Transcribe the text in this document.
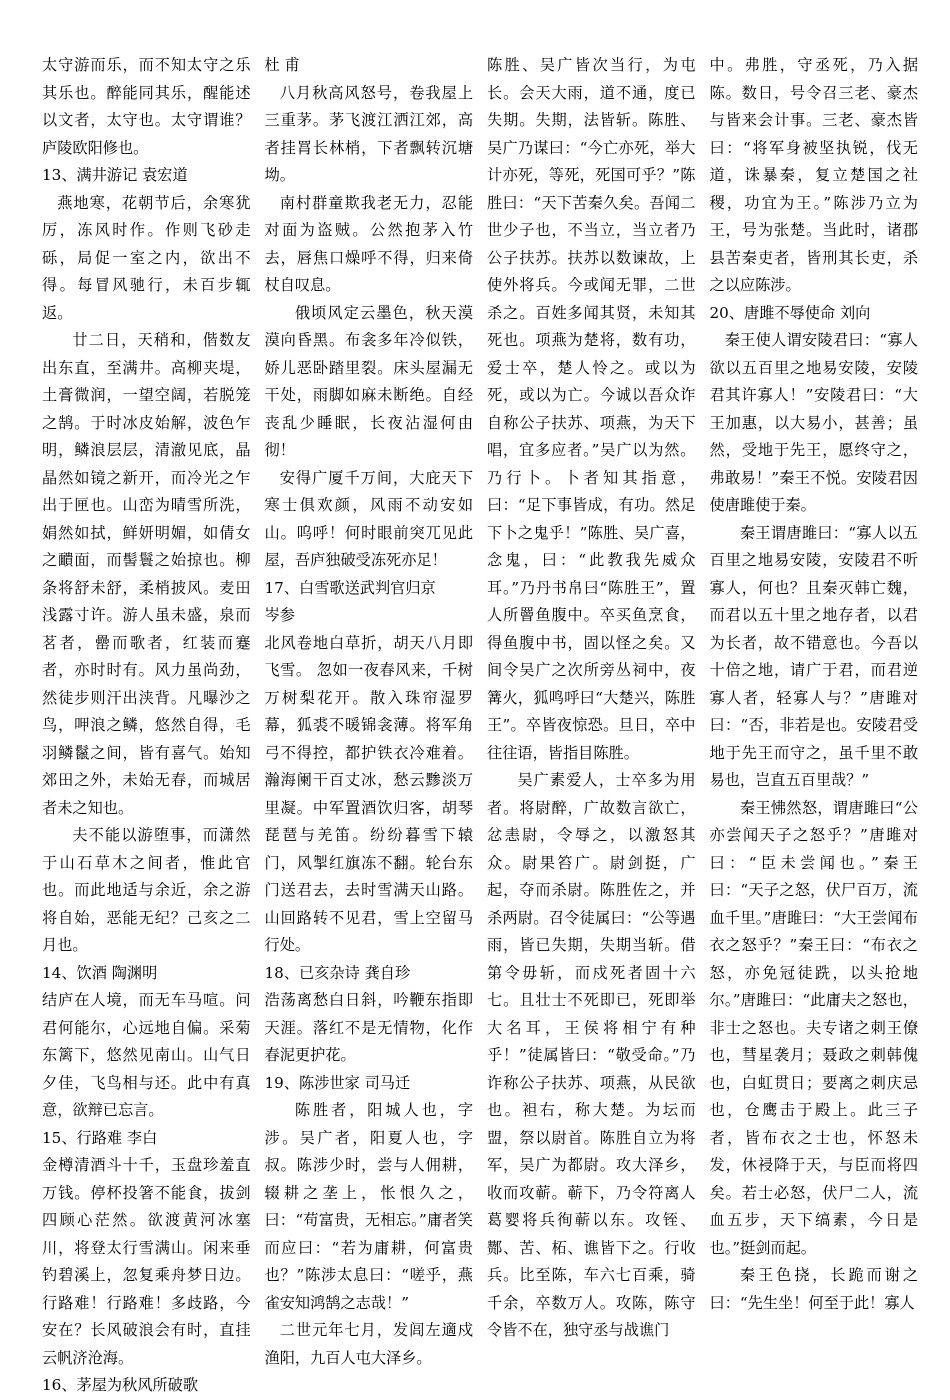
太守游而乐，而不知太守之乐其乐也。醉能同其乐，醒能述以文者，太守也。太守谓谁？庐陵欧阳修也。

13、满井游记 袁宏道

燕地寒，花朝节后，余寒犹厉，冻风时作。作则飞砂走砾，局促一室之内，欲出不得。每冒风驰行，未百步辄返。

廿二日，天稍和，偕数友出东直，至满井。高柳夹堤，土膏微润，一望空阔，若脱笼之鹄。于时冰皮始解，波色乍明，鳞浪层层，清澈见底，晶晶然如镜之新开，而冷光之乍出于匣也。山峦为晴雪所洗，娟然如拭，鲜妍明媚，如倩女之靧面，而髻鬟之始掠也。柳条将舒未舒，柔梢披风。麦田浅露寸许。游人虽未盛，泉而茗者，罍而歌者，红装而蹇者，亦时时有。风力虽尚劲，然徒步则汗出浃背。凡曝沙之鸟，呷浪之鳞，悠然自得，毛羽鳞鬣之间，皆有喜气。始知郊田之外，未始无春，而城居者未之知也。

夫不能以游堕事，而潇然于山石草木之间者，惟此官也。而此地适与余近，余之游将自始，恶能无纪？己亥之二月也。

14、饮酒 陶渊明

结庐在人境，而无车马喧。问君何能尔，心远地自偏。采菊东篱下，悠然见南山。山气日夕佳，飞鸟相与还。此中有真意，欲辩已忘言。

15、行路难 李白

金樽清酒斗十千，玉盘珍羞直万钱。停杯投箸不能食，拔剑四顾心茫然。欲渡黄河冰塞川，将登太行雪满山。闲来垂钓碧溪上，忽复乘舟梦日边。行路难！行路难！多歧路，今安在？长风破浪会有时，直挂云帆济沧海。

16、茅屋为秋风所破歌

杜 甫

八月秋高风怒号，卷我屋上三重茅。茅飞渡江洒江郊，高者挂罥长林梢，下者飘转沉塘坳。

南村群童欺我老无力，忍能对面为盗贼。公然抱茅入竹去，唇焦口燥呼不得，归来倚杖自叹息。

俄顷风定云墨色，秋天漠漠向昏黑。布衾多年冷似铁，娇儿恶卧踏里裂。床头屋漏无干处，雨脚如麻未断绝。自经丧乱少睡眠，长夜沾湿何由彻！

安得广厦千万间，大庇天下寒士俱欢颜，风雨不动安如山。呜呼！何时眼前突兀见此屋，吾庐独破受冻死亦足！

17、白雪歌送武判官归京

岑参

北风卷地白草折，胡天八月即飞雪。 忽如一夜春风来，千树万树梨花开。散入珠帘湿罗幕，狐裘不暖锦衾薄。将军角弓不得控，都护铁衣冷难着。瀚海阑干百丈冰，愁云黪淡万里凝。中军置酒饮归客，胡琴琵琶与羌笛。纷纷暮雪下辕门，风掣红旗冻不翻。轮台东门送君去，去时雪满天山路。山回路转不见君，雪上空留马行处。

18、已亥杂诗 龚自珍

浩荡离愁白日斜，吟鞭东指即天涯。落红不是无情物，化作春泥更护花。

19、陈涉世家 司马迁

陈胜者，阳城人也，字涉。吴广者，阳夏人也，字叔。陈涉少时，尝与人佣耕，辍耕之垄上，怅恨久之，曰：“苟富贵，无相忘。”庸者笑而应曰：“若为庸耕，何富贵也？”陈涉太息曰：“嗟乎，燕雀安知鸿鹄之志哉！”

二世元年七月，发闾左適戍渔阳，九百人屯大泽乡。

陈胜、吴广皆次当行，为屯长。会天大雨，道不通，度已失期。失期，法皆斩。陈胜、吴广乃谋曰：“今亡亦死，举大计亦死，等死，死国可乎？”陈胜曰：“天下苦秦久矣。吾闻二世少子也，不当立，当立者乃公子扶苏。扶苏以数谏故，上使外将兵。今或闻无罪，二世杀之。百姓多闻其贤，未知其死也。项燕为楚将，数有功，爱士卒，楚人怜之。或以为死，或以为亡。今诚以吾众诈自称公子扶苏、项燕，为天下唱，宜多应者。”吴广以为然。乃行卜。卜者知其指意，曰：“足下事皆成，有功。然足下卜之鬼乎！”陈胜、吴广喜，念鬼，曰：“此教我先威众耳。”乃丹书帛曰“陈胜王”，置人所罾鱼腹中。卒买鱼烹食，得鱼腹中书，固以怪之矣。又间令吴广之次所旁丛祠中，夜篝火，狐鸣呼曰“大楚兴，陈胜王”。卒皆夜惊恐。旦日，卒中往往语，皆指目陈胜。

吴广素爱人，士卒多为用者。将尉醉，广故数言欲亡，忿恚尉，令辱之，以激怒其众。尉果笞广。尉剑挺，广起，夺而杀尉。陈胜佐之，并杀两尉。召令徒属曰：“公等遇雨，皆已失期，失期当斩。借第令毋斩，而戍死者固十六七。且壮士不死即已，死即举大名耳，王侯将相宁有种乎！”徒属皆曰：“敬受命。”乃诈称公子扶苏、项燕，从民欲也。袒右，称大楚。为坛而盟，祭以尉首。陈胜自立为将军，吴广为都尉。攻大泽乡，收而攻蕲。蕲下，乃令符离人葛婴将兵徇蕲以东。攻铚、酂、苦、柘、谯皆下之。行收兵。比至陈，车六七百乘，骑千余，卒数万人。攻陈，陈守令皆不在，独守丞与战谯门

中。弗胜，守丞死，乃入据陈。数日，号令召三老、豪杰与皆来会计事。三老、豪杰皆曰：“将军身被坚执锐，伐无道，诛暴秦，复立楚国之社稷，功宜为王。”陈涉乃立为王，号为张楚。当此时，诸郡县苦秦吏者，皆刑其长吏，杀之以应陈涉。

20、唐雎不辱使命 刘向

秦王使人谓安陵君曰：“寡人欲以五百里之地易安陵，安陵君其许寡人！”安陵君曰：“大王加惠，以大易小，甚善；虽然，受地于先王，愿终守之，弗敢易！”秦王不悦。安陵君因使唐雎使于秦。

秦王谓唐雎曰：“寡人以五百里之地易安陵，安陵君不听寡人，何也？且秦灭韩亡魏，而君以五十里之地存者，以君为长者，故不错意也。今吾以十倍之地，请广于君，而君逆寡人者，轻寡人与？”唐雎对曰：“否，非若是也。安陵君受地于先王而守之，虽千里不敢易也，岂直五百里哉？”

秦王怫然怒，谓唐雎曰“公亦尝闻天子之怒乎？”唐雎对曰：“臣未尝闻也。”秦王曰：“天子之怒，伏尸百万，流血千里。”唐雎曰：“大王尝闻布衣之怒乎？”秦王曰：“布衣之怒，亦免冠徒跣，以头抢地尔。”唐雎曰：“此庸夫之怒也，非士之怒也。夫专诸之刺王僚也，彗星袭月；聂政之刺韩傀也，白虹贯日；要离之刺庆忌也，仓鹰击于殿上。此三子者，皆布衣之士也，怀怒未发，休祲降于天，与臣而将四矣。若士必怒，伏尸二人，流血五步，天下缟素，今日是也。”挺剑而起。

秦王色挠，长跪而谢之曰：“先生坐！何至于此！寡人
